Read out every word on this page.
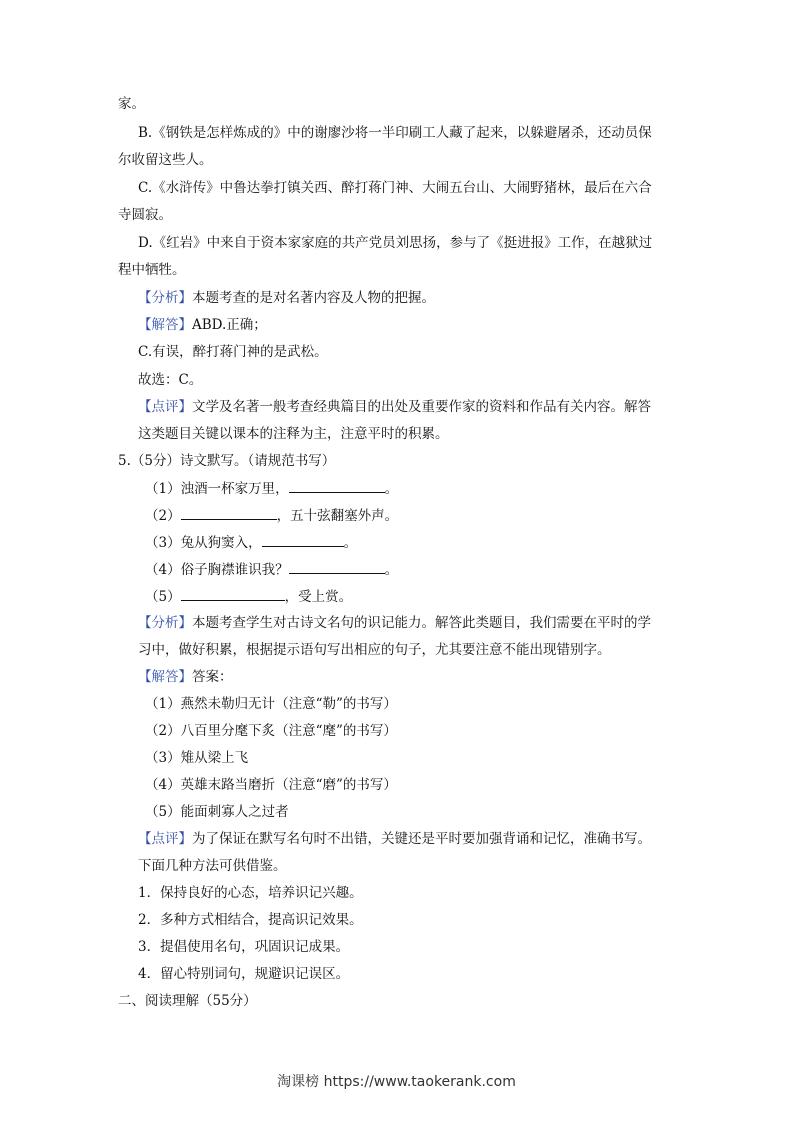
家。
B.《钢铁是怎样炼成的》中的谢廖沙将一半印刷工人藏了起来，以躲避屠杀，还动员保
尔收留这些人。
C.《水浒传》中鲁达拳打镇关西、醉打蒋门神、大闹五台山、大闹野猪林，最后在六合
寺圆寂。
D.《红岩》中来自于资本家家庭的共产党员刘思扬，参与了《挺进报》工作，在越狱过
程中牺牲。
【分析】本题考查的是对名著内容及人物的把握。
【解答】ABD.正确；
C.有误，醉打蒋门神的是武松。
故选：C。
【点评】文学及名著一般考查经典篇目的出处及重要作家的资料和作品有关内容。解答
这类题目关键以课本的注释为主，注意平时的积累。
5.（5分）诗文默写。（请规范书写）
（1）浊酒一杯家万里，	。
（2）	，五十弦翻塞外声。
（3）兔从狗窦入，	。
（4）俗子胸襟谁识我？	。
（5）	，受上赏。
【分析】本题考查学生对古诗文名句的识记能力。解答此类题目，我们需要在平时的学
习中，做好积累，根据提示语句写出相应的句子，尤其要注意不能出现错别字。
【解答】答案：
（1）燕然未勒归无计（注意“勒”的书写）
（2）八百里分麾下炙（注意“麾”的书写）
（3）雉从梁上飞
（4）英雄末路当磨折（注意“磨”的书写）
（5）能面刺寡人之过者
【点评】为了保证在默写名句时不出错，关键还是平时要加强背诵和记忆，准确书写。
下面几种方法可供借鉴。
1．保持良好的心态，培养识记兴趣。
2．多种方式相结合，提高识记效果。
3．提倡使用名句，巩固识记成果。
4．留心特别词句，规避识记误区。
二、阅读理解（55分）
淘课榜 https://www.taokerank.com
